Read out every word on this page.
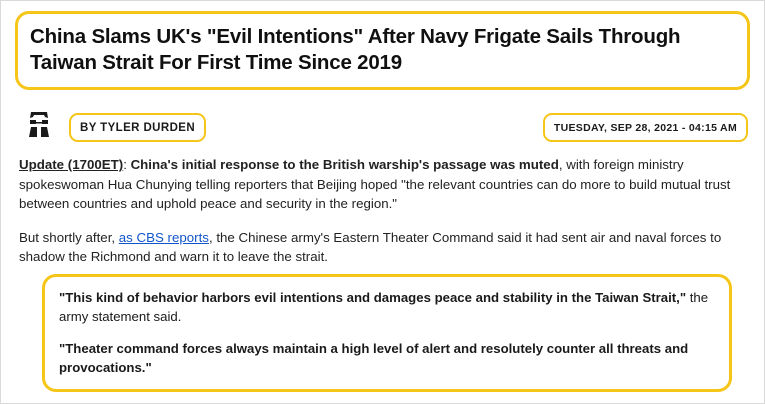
China Slams UK's "Evil Intentions" After Navy Frigate Sails Through Taiwan Strait For First Time Since 2019
BY TYLER DURDEN	TUESDAY, SEP 28, 2021 - 04:15 AM

Update (1700ET): China's initial response to the British warship's passage was muted, with foreign ministry spokeswoman Hua Chunying telling reporters that Beijing hoped "the relevant countries can do more to build mutual trust between countries and uphold peace and security in the region."

But shortly after, as CBS reports, the Chinese army's Eastern Theater Command said it had sent air and naval forces to shadow the Richmond and warn it to leave the strait.

"This kind of behavior harbors evil intentions and damages peace and stability in the Taiwan Strait," the army statement said.

"Theater command forces always maintain a high level of alert and resolutely counter all threats and provocations."
